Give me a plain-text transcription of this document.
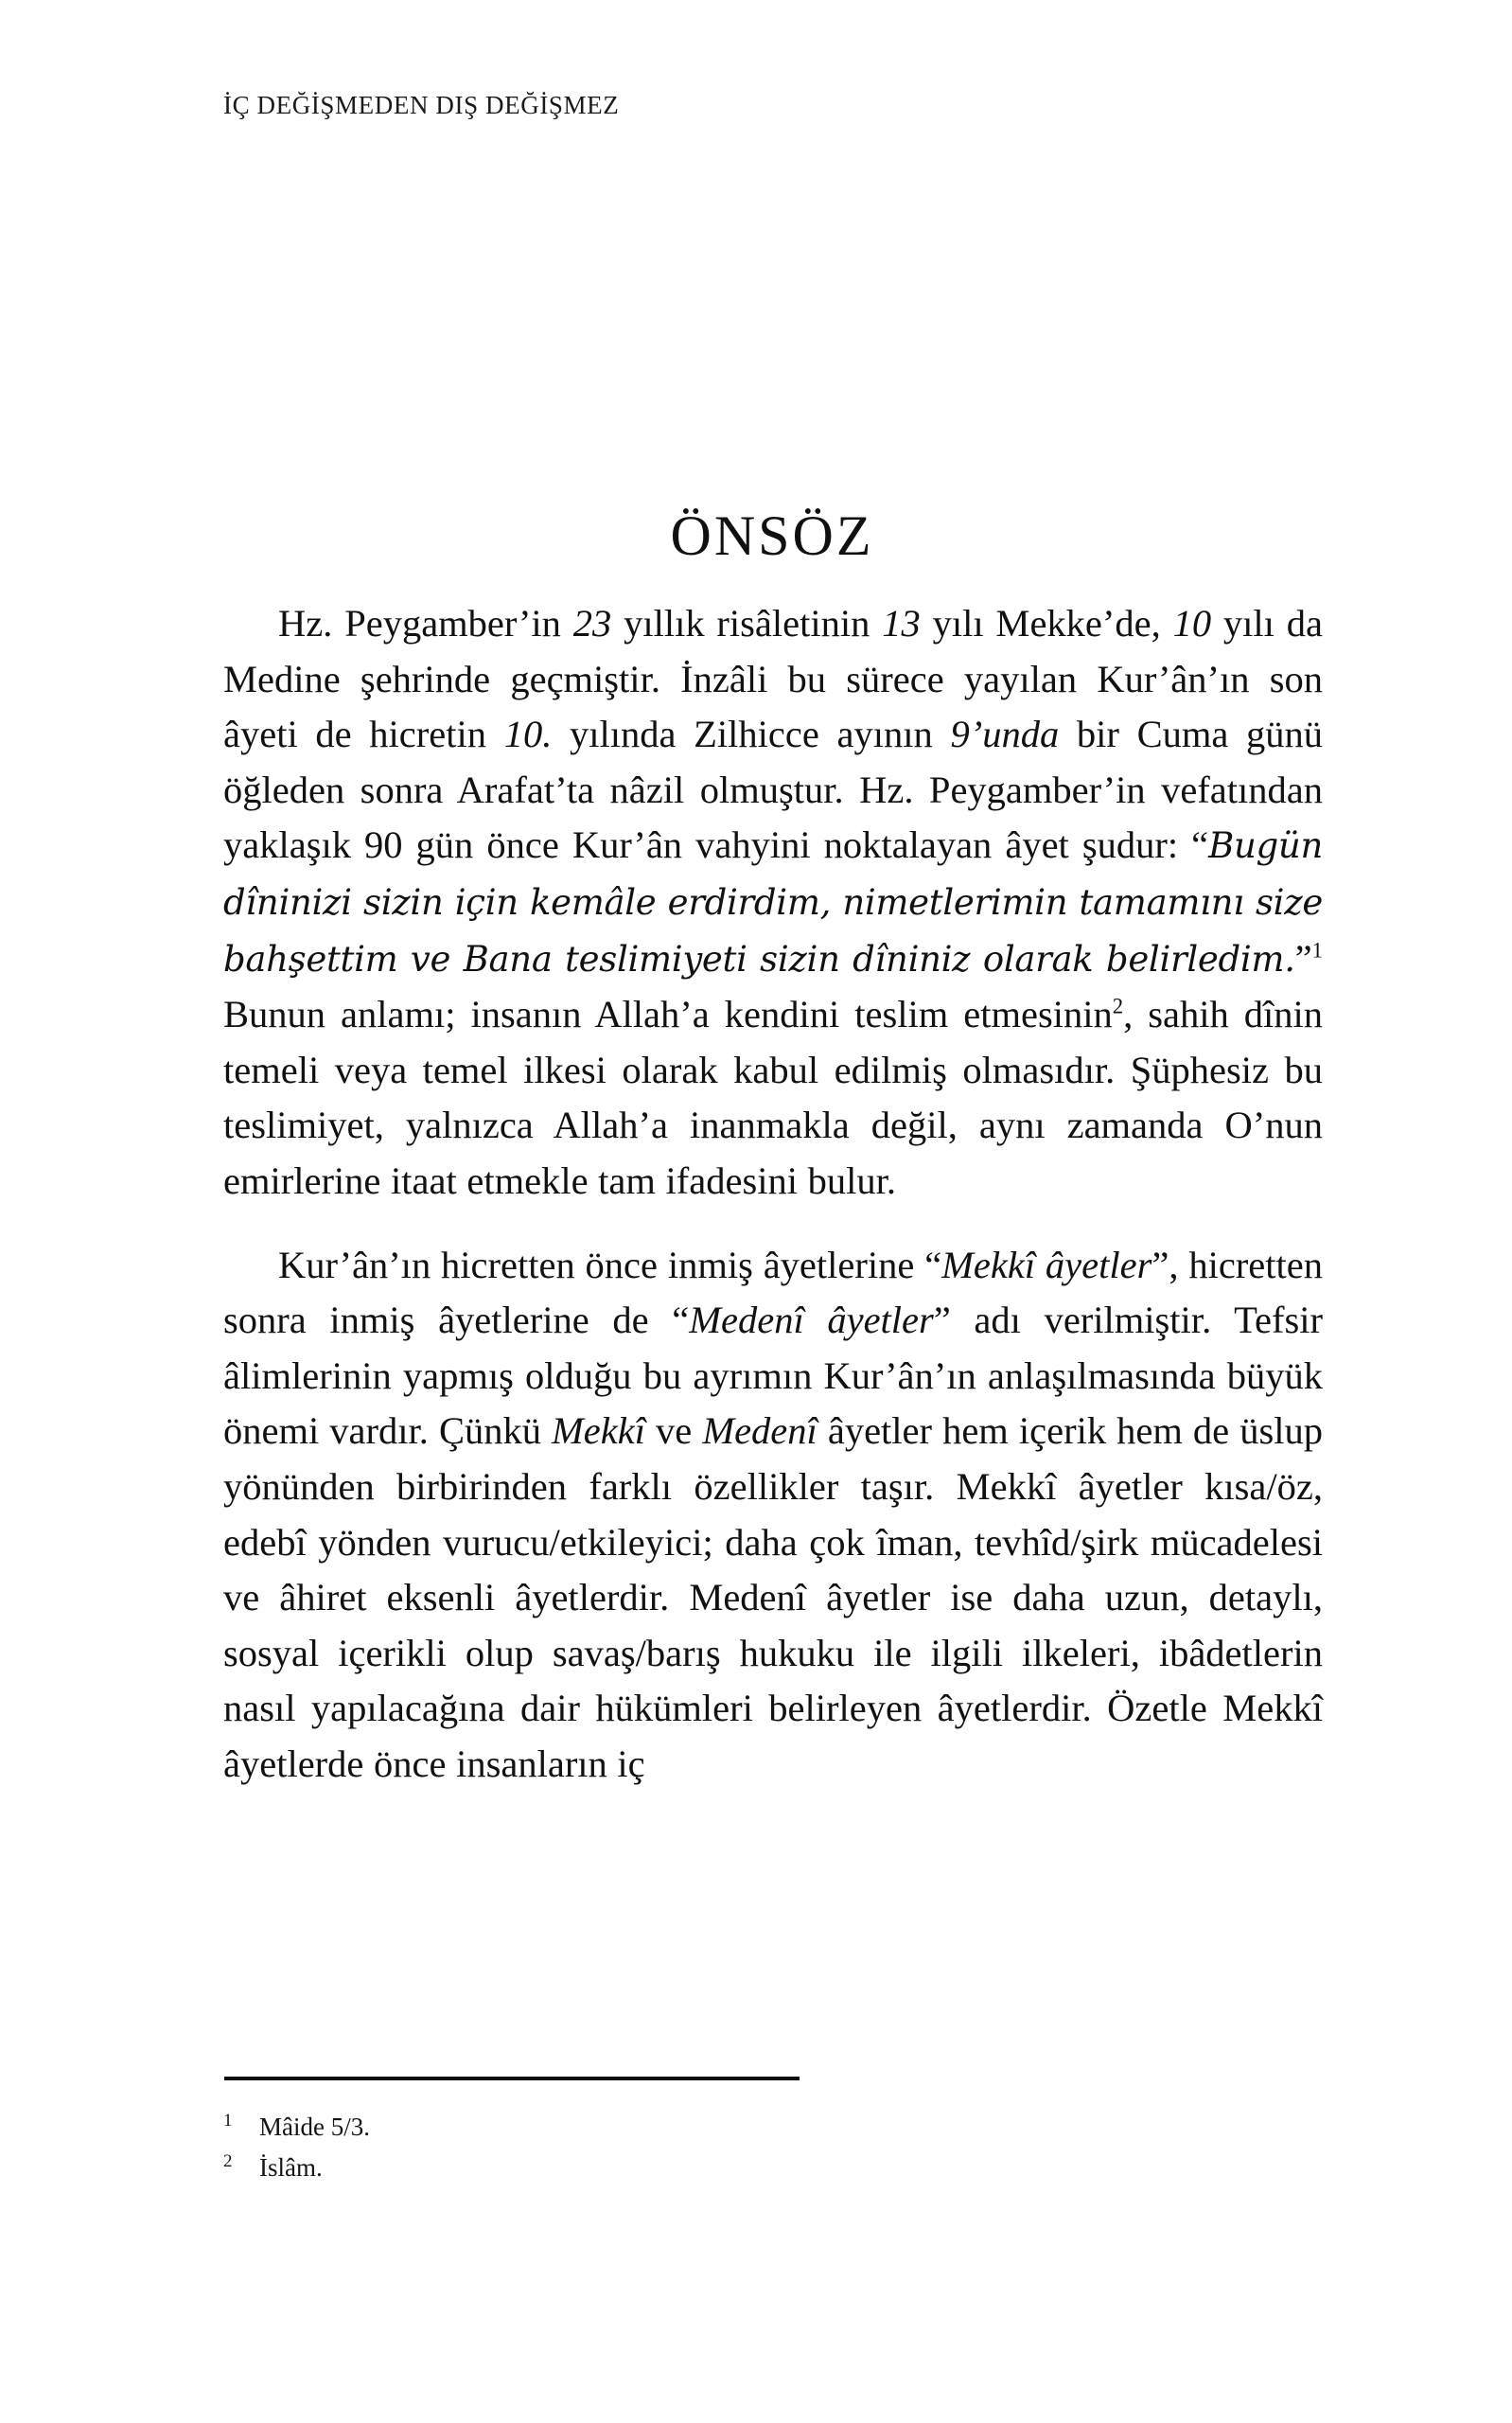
İÇ DEĞİŞMEDEN DIŞ DEĞİŞMEZ
ÖNSÖZ

Hz. Peygamber’in 23 yıllık risâletinin 13 yılı Mekke’de, 10 yılı da Medine şehrinde geçmiştir. İnzâli bu sürece yayılan Kur’ân’ın son âyeti de hicretin 10. yılında Zilhicce ayının 9’unda bir Cuma günü öğleden sonra Arafat’ta nâzil olmuştur. Hz. Peygamber’in vefatından yaklaşık 90 gün önce Kur’ân vahyini noktalayan âyet şudur: “Bugün dîninizi sizin için kemâle erdirdim, nimetlerimin tamamını size bahşettim ve Bana teslimiyeti sizin dîniniz olarak belirledim.”$^1$ Bunun anlamı; insanın Allah’a kendini teslim etmesinin$^2$, sahih dînin temeli veya temel ilkesi olarak kabul edilmiş olmasıdır. Şüphesiz bu teslimiyet, yalnızca Allah’a inanmakla değil, aynı zamanda O’nun emirlerine itaat etmekle tam ifadesini bulur.

Kur’ân’ın hicretten önce inmiş âyetlerine “Mekkî âyetler”, hicretten sonra inmiş âyetlerine de “Medenî âyetler” adı verilmiştir. Tefsir âlimlerinin yapmış olduğu bu ayrımın Kur’ân’ın anlaşılmasında büyük önemi vardır. Çünkü Mekkî ve Medenî âyetler hem içerik hem de üslup yönünden birbirinden farklı özellikler taşır. Mekkî âyetler kısa/öz, edebî yönden vurucu/etkileyici; daha çok îman, tevhîd/şirk mücadelesi ve âhiret eksenli âyetlerdir. Medenî âyetler ise daha uzun, detaylı, sosyal içerikli olup savaş/barış hukuku ile ilgili ilkeleri, ibâdetlerin nasıl yapılacağına dair hükümleri belirleyen âyetlerdir. Özetle Mekkî âyetlerde önce insanların iç

1 Mâide 5/3.
2 İslâm.
